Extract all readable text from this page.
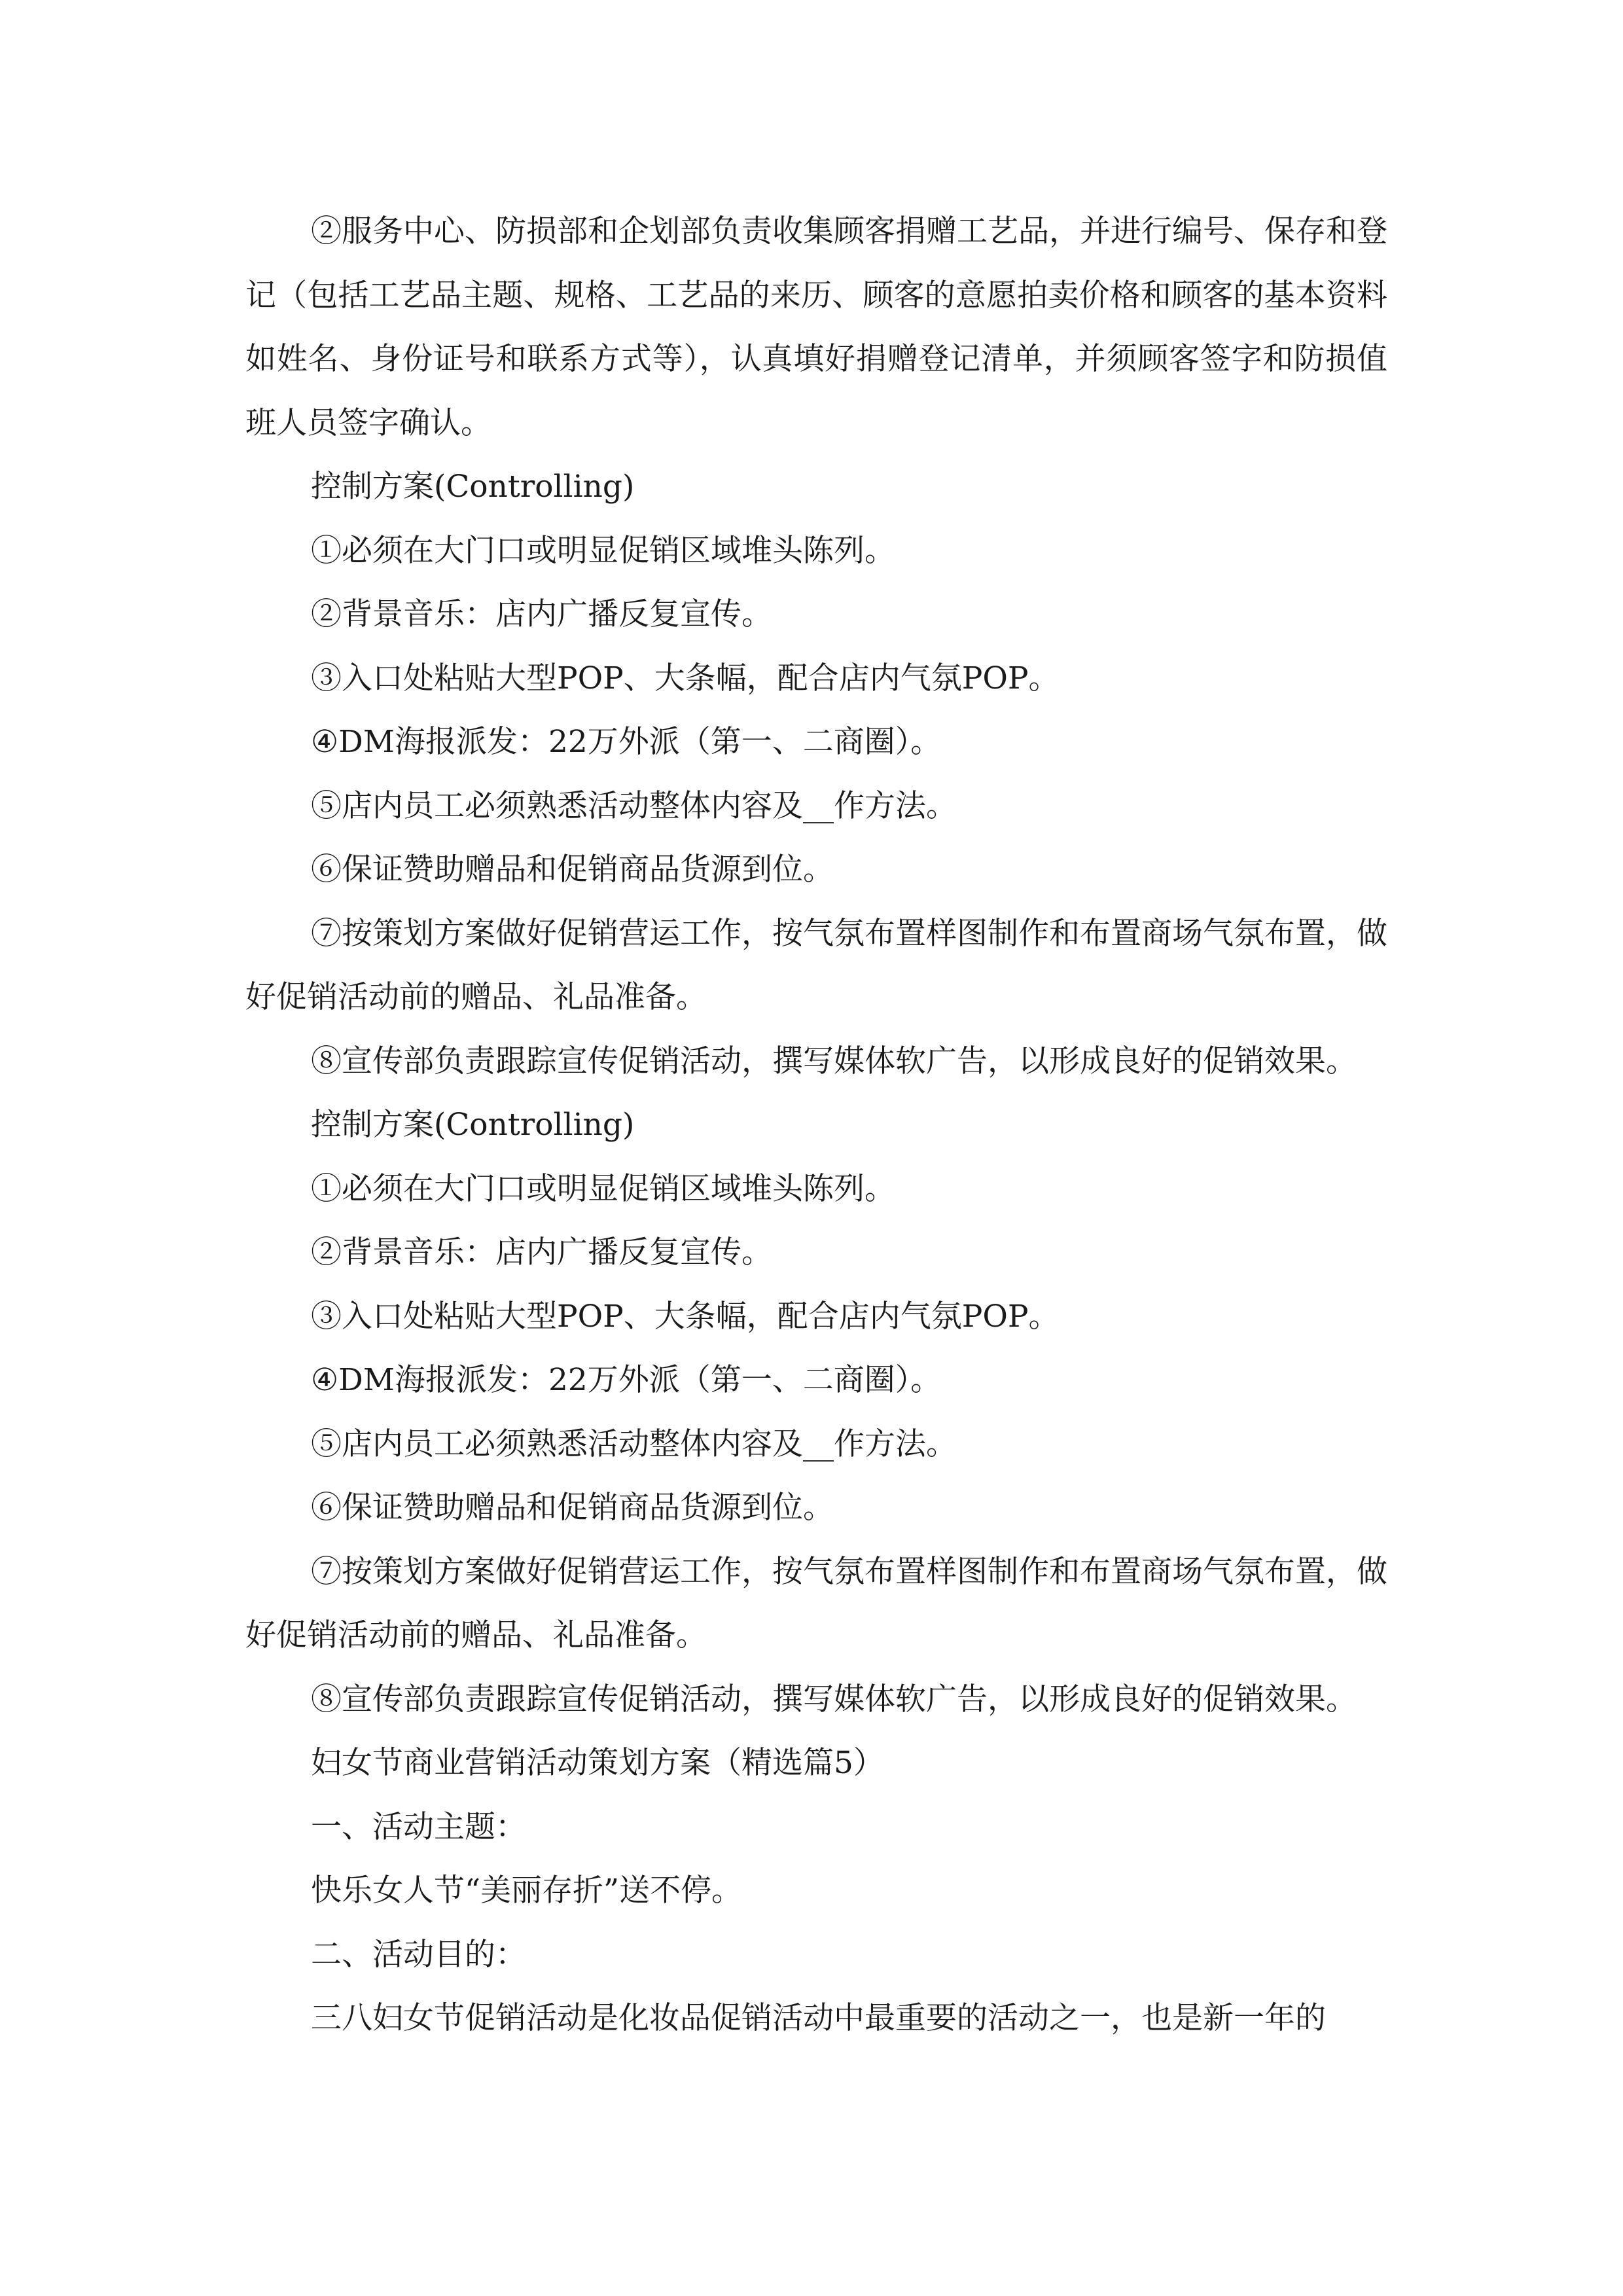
②服务中心、防损部和企划部负责收集顾客捐赠工艺品，并进行编号、保存和登记（包括工艺品主题、规格、工艺品的来历、顾客的意愿拍卖价格和顾客的基本资料如姓名、身份证号和联系方式等），认真填好捐赠登记清单，并须顾客签字和防损值班人员签字确认。

控制方案(Controlling)

①必须在大门口或明显促销区域堆头陈列。

②背景音乐：店内广播反复宣传。

③入口处粘贴大型POP、大条幅，配合店内气氛POP。

④DM海报派发：22万外派（第一、二商圈）。

⑤店内员工必须熟悉活动整体内容及__作方法。

⑥保证赞助赠品和促销商品货源到位。

⑦按策划方案做好促销营运工作，按气氛布置样图制作和布置商场气氛布置，做好促销活动前的赠品、礼品准备。

⑧宣传部负责跟踪宣传促销活动，撰写媒体软广告，以形成良好的促销效果。

控制方案(Controlling)

①必须在大门口或明显促销区域堆头陈列。

②背景音乐：店内广播反复宣传。

③入口处粘贴大型POP、大条幅，配合店内气氛POP。

④DM海报派发：22万外派（第一、二商圈）。

⑤店内员工必须熟悉活动整体内容及__作方法。

⑥保证赞助赠品和促销商品货源到位。

⑦按策划方案做好促销营运工作，按气氛布置样图制作和布置商场气氛布置，做好促销活动前的赠品、礼品准备。

⑧宣传部负责跟踪宣传促销活动，撰写媒体软广告，以形成良好的促销效果。

妇女节商业营销活动策划方案（精选篇5）

一、活动主题：

快乐女人节“美丽存折”送不停。

二、活动目的：

三八妇女节促销活动是化妆品促销活动中最重要的活动之一，也是新一年的
